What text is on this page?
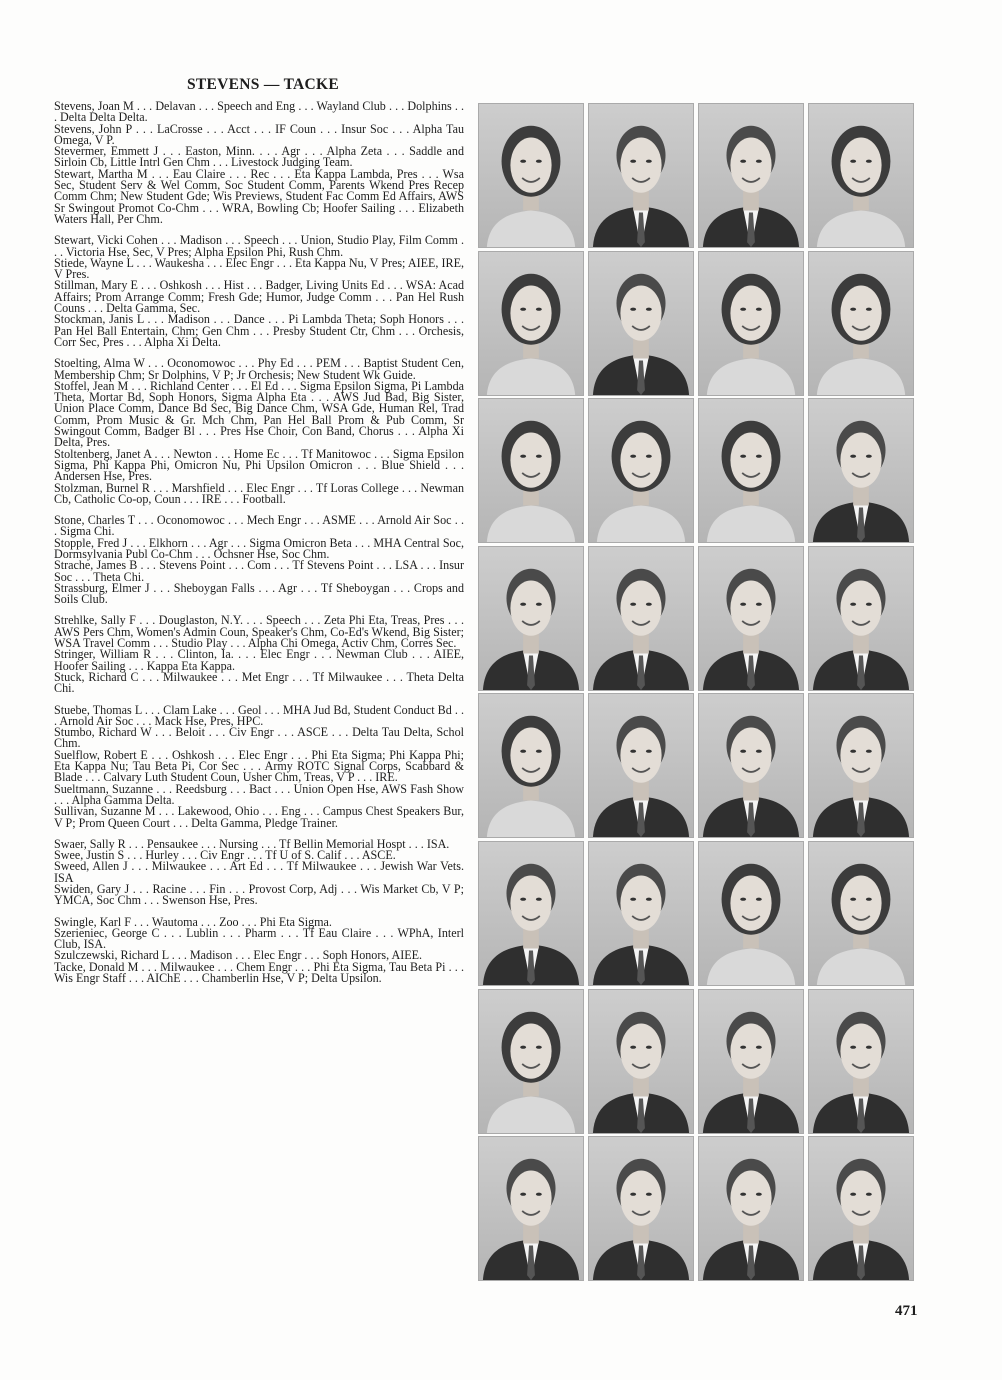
STEVENS — TACKE
Stevens, Joan M . . . Delavan . . . Speech and Eng . . . Wayland Club . . . Dolphins . . . Delta Delta Delta.
Stevens, John P . . . LaCrosse . . . Acct . . . IF Coun . . . Insur Soc . . . Alpha Tau Omega, V P.
Stevermer, Emmett J . . . Easton, Minn. . . . Agr . . . Alpha Zeta . . . Saddle and Sirloin Cb, Little Intrl Gen Chm . . . Livestock Judging Team.
Stewart, Martha M . . . Eau Claire . . . Rec . . . Eta Kappa Lambda, Pres . . . Wsa Sec, Student Serv & Wel Comm, Soc Student Comm, Parents Wkend Pres Recep Comm Chm; New Student Gde; Wis Previews, Student Fac Comm Ed Affairs, AWS Sr Swingout Promot Co-Chm . . . WRA, Bowling Cb; Hoofer Sailing . . . Elizabeth Waters Hall, Per Chm.
Stewart, Vicki Cohen . . . Madison . . . Speech . . . Union, Studio Play, Film Comm . . . Victoria Hse, Sec, V Pres; Alpha Epsilon Phi, Rush Chm.
Stiede, Wayne L . . . Waukesha . . . Elec Engr . . . Eta Kappa Nu, V Pres; AIEE, IRE, V Pres.
Stillman, Mary E . . . Oshkosh . . . Hist . . . Badger, Living Units Ed . . . WSA: Acad Affairs; Prom Arrange Comm; Fresh Gde; Humor, Judge Comm . . . Pan Hel Rush Couns . . . Delta Gamma, Sec.
Stockman, Janis L . . . Madison . . . Dance . . . Pi Lambda Theta; Soph Honors . . . Pan Hel Ball Entertain, Chm; Gen Chm . . . Presby Student Ctr, Chm . . . Orchesis, Corr Sec, Pres . . . Alpha Xi Delta.
Stoelting, Alma W . . . Oconomowoc . . . Phy Ed . . . PEM . . . Baptist Student Cen, Membership Chm; Sr Dolphins, V P; Jr Orchesis; New Student Wk Guide.
Stoffel, Jean M . . . Richland Center . . . El Ed . . . Sigma Epsilon Sigma, Pi Lambda Theta, Mortar Bd, Soph Honors, Sigma Alpha Eta . . . AWS Jud Bad, Big Sister, Union Place Comm, Dance Bd Sec, Big Dance Chm, WSA Gde, Human Rel, Trad Comm, Prom Music & Gr. Mch Chm, Pan Hel Ball Prom & Pub Comm, Sr Swingout Comm, Badger Bl . . . Pres Hse Choir, Con Band, Chorus . . . Alpha Xi Delta, Pres.
Stoltenberg, Janet A . . . Newton . . . Home Ec . . . Tf Manitowoc . . . Sigma Epsilon Sigma, Phi Kappa Phi, Omicron Nu, Phi Upsilon Omicron . . . Blue Shield . . . Andersen Hse, Pres.
Stolzman, Burnel R . . . Marshfield . . . Elec Engr . . . Tf Loras College . . . Newman Cb, Catholic Co-op, Coun . . . IRE . . . Football.
Stone, Charles T . . . Oconomowoc . . . Mech Engr . . . ASME . . . Arnold Air Soc . . . Sigma Chi.
Stopple, Fred J . . . Elkhorn . . . Agr . . . Sigma Omicron Beta . . . MHA Central Soc, Dormsylvania Publ Co-Chm . . . Ochsner Hse, Soc Chm.
Strache, James B . . . Stevens Point . . . Com . . . Tf Stevens Point . . . LSA . . . Insur Soc . . . Theta Chi.
Strassburg, Elmer J . . . Sheboygan Falls . . . Agr . . . Tf Sheboygan . . . Crops and Soils Club.
Strehlke, Sally F . . . Douglaston, N.Y. . . . Speech . . . Zeta Phi Eta, Treas, Pres . . . AWS Pers Chm, Women's Admin Coun, Speaker's Chm, Co-Ed's Wkend, Big Sister; WSA Travel Comm . . . Studio Play . . . Alpha Chi Omega, Activ Chm, Corres Sec.
Stringer, William R . . . Clinton, Ia. . . . Elec Engr . . . Newman Club . . . AIEE, Hoofer Sailing . . . Kappa Eta Kappa.
Stuck, Richard C . . . Milwaukee . . . Met Engr . . . Tf Milwaukee . . . Theta Delta Chi.
Stuebe, Thomas L . . . Clam Lake . . . Geol . . . MHA Jud Bd, Student Conduct Bd . . . Arnold Air Soc . . . Mack Hse, Pres, HPC.
Stumbo, Richard W . . . Beloit . . . Civ Engr . . . ASCE . . . Delta Tau Delta, Schol Chm.
Suelflow, Robert E . . . Oshkosh . . . Elec Engr . . . Phi Eta Sigma; Phi Kappa Phi; Eta Kappa Nu; Tau Beta Pi, Cor Sec . . . Army ROTC Signal Corps, Scabbard & Blade . . . Calvary Luth Student Coun, Usher Chm, Treas, V P . . . IRE.
Sueltmann, Suzanne . . . Reedsburg . . . Bact . . . Union Open Hse, AWS Fash Show . . . Alpha Gamma Delta.
Sullivan, Suzanne M . . . Lakewood, Ohio . . . Eng . . . Campus Chest Speakers Bur, V P; Prom Queen Court . . . Delta Gamma, Pledge Trainer.
Swaer, Sally R . . . Pensaukee . . . Nursing . . . Tf Bellin Memorial Hospt . . . ISA.
Swee, Justin S . . . Hurley . . . Civ Engr . . . Tf U of S. Calif . . . ASCE.
Sweed, Allen J . . . Milwaukee . . . Art Ed . . . Tf Milwaukee . . . Jewish War Vets. ISA
Swiden, Gary J . . . Racine . . . Fin . . . Provost Corp, Adj . . . Wis Market Cb, V P; YMCA, Soc Chm . . . Swenson Hse, Pres.
Swingle, Karl F . . . Wautoma . . . Zoo . . . Phi Eta Sigma.
Szerieniec, George C . . . Lublin . . . Pharm . . . Tf Eau Claire . . . WPhA, Interl Club, ISA.
Szulczewski, Richard L . . . Madison . . . Elec Engr . . . Soph Honors, AIEE.
Tacke, Donald M . . . Milwaukee . . . Chem Engr . . . Phi Eta Sigma, Tau Beta Pi . . . Wis Engr Staff . . . AIChE . . . Chamberlin Hse, V P; Delta Upsilon.
471
